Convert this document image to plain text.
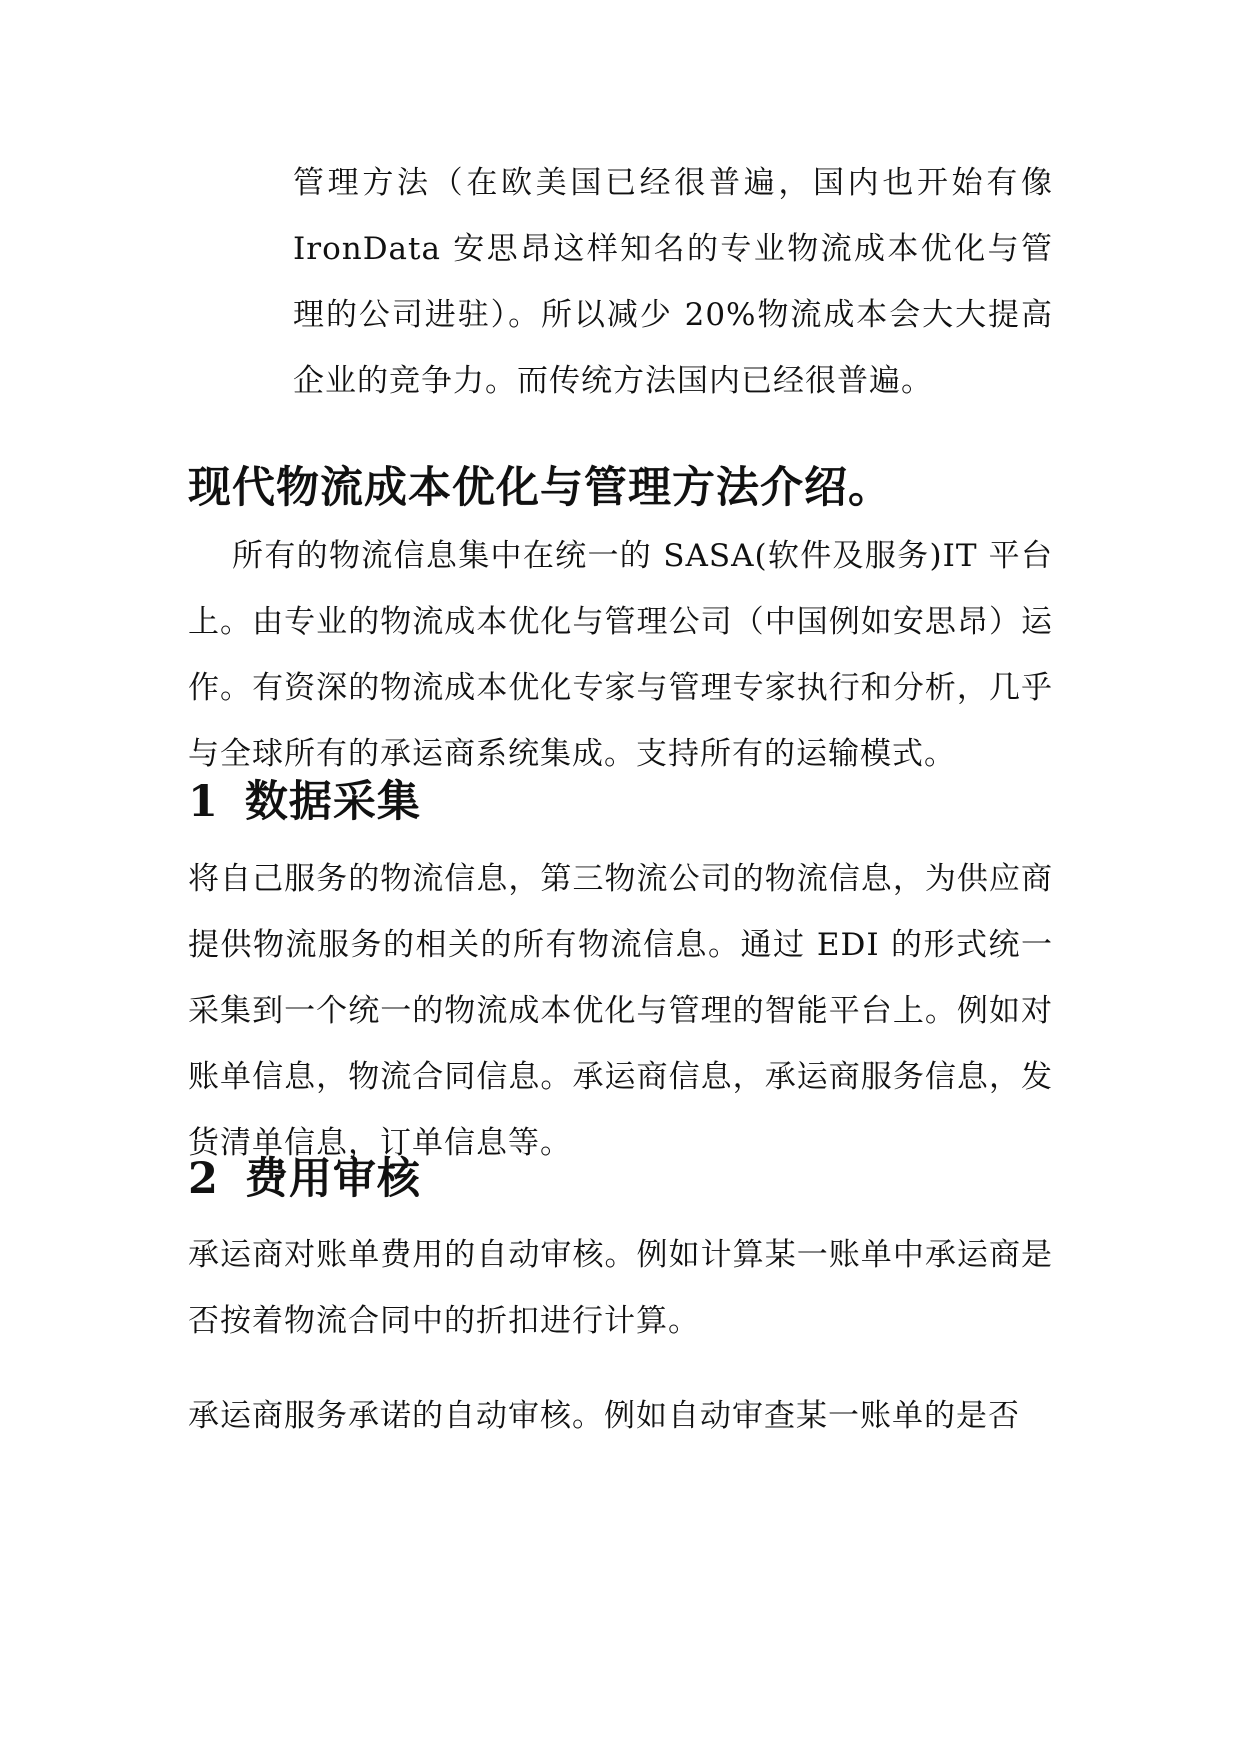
管理方法（在欧美国已经很普遍，国内也开始有像IronData 安思昂这样知名的专业物流成本优化与管理的公司进驻）。所以减少 20%物流成本会大大提高企业的竞争力。而传统方法国内已经很普遍。

现代物流成本优化与管理方法介绍。

所有的物流信息集中在统一的 SASA(软件及服务)IT 平台上。由专业的物流成本优化与管理公司（中国例如安思昂）运作。有资深的物流成本优化专家与管理专家执行和分析，几乎与全球所有的承运商系统集成。支持所有的运输模式。

1 数据采集

将自己服务的物流信息，第三物流公司的物流信息，为供应商提供物流服务的相关的所有物流信息。通过 EDI 的形式统一采集到一个统一的物流成本优化与管理的智能平台上。例如对账单信息，物流合同信息。承运商信息，承运商服务信息，发货清单信息，订单信息等。

2 费用审核

承运商对账单费用的自动审核。例如计算某一账单中承运商是否按着物流合同中的折扣进行计算。

承运商服务承诺的自动审核。例如自动审查某一账单的是否
